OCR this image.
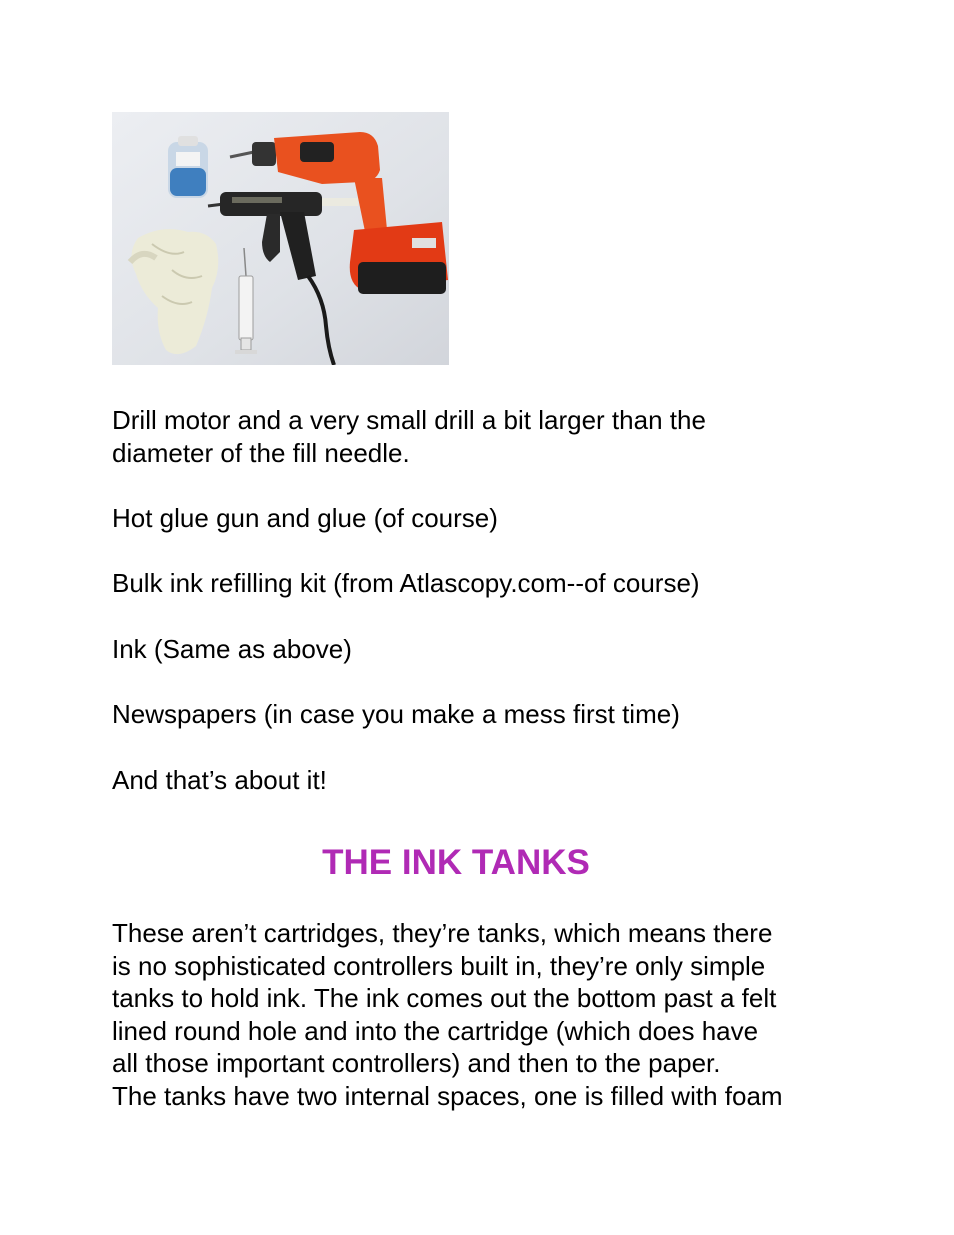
Drill motor and a very small drill a bit larger than the
diameter of the fill needle.

Hot glue gun and glue (of course)

Bulk ink refilling kit (from Atlascopy.com--of course)

Ink (Same as above)

Newspapers (in case you make a mess first time)

And that’s about it!

THE INK TANKS

These aren’t cartridges, they’re tanks, which means there
is no sophisticated controllers built in, they’re only simple
tanks to hold ink. The ink comes out the bottom past a felt
lined round hole and into the cartridge (which does have
all those important controllers) and then to the paper.
The tanks have two internal spaces, one is filled with foam
